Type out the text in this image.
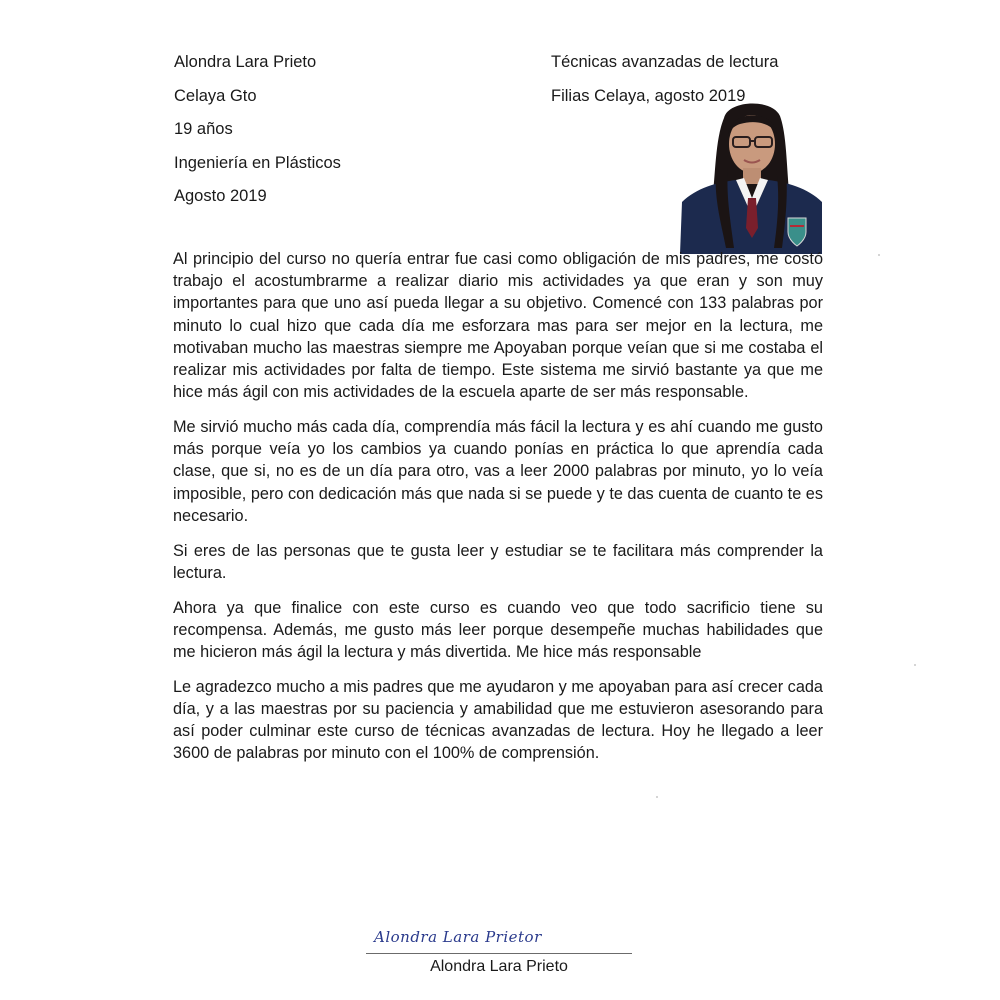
Alondra Lara Prieto
Celaya Gto
19 años
Ingeniería en Plásticos
Agosto 2019
Técnicas avanzadas de lectura
Filias Celaya, agosto 2019

Al principio del curso no quería entrar fue casi como obligación de mis padres, me costó trabajo el acostumbrarme a realizar diario mis actividades ya que eran y son muy importantes para que uno así pueda llegar a su objetivo. Comencé con 133 palabras por minuto lo cual hizo que cada día me esforzara mas para ser mejor en la lectura, me motivaban mucho las maestras siempre me Apoyaban porque veían que si me costaba el realizar mis actividades por falta de tiempo. Este sistema me sirvió bastante ya que me hice más ágil con mis actividades de la escuela aparte de ser más responsable.

Me sirvió mucho más cada día, comprendía más fácil la lectura y es ahí cuando me gusto más porque veía yo los cambios ya cuando ponías en práctica lo que aprendía cada clase, que si, no es de un día para otro, vas a leer 2000 palabras por minuto, yo lo veía imposible, pero con dedicación más que nada si se puede y te das cuenta de cuanto te es necesario.

Si eres de las personas que te gusta leer y estudiar se te facilitara más comprender la lectura.

Ahora ya que finalice con este curso es cuando veo que todo sacrificio tiene su recompensa. Además, me gusto más leer porque desempeñe muchas habilidades que me hicieron más ágil la lectura y más divertida. Me hice más responsable

Le agradezco mucho a mis padres que me ayudaron y me apoyaban para así crecer cada día, y a las maestras por su paciencia y amabilidad que me estuvieron asesorando para así poder culminar este curso de técnicas avanzadas de lectura. Hoy he llegado a leer 3600 de palabras por minuto con el 100% de comprensión.

Alondra Lara Prietor
Alondra Lara Prieto
